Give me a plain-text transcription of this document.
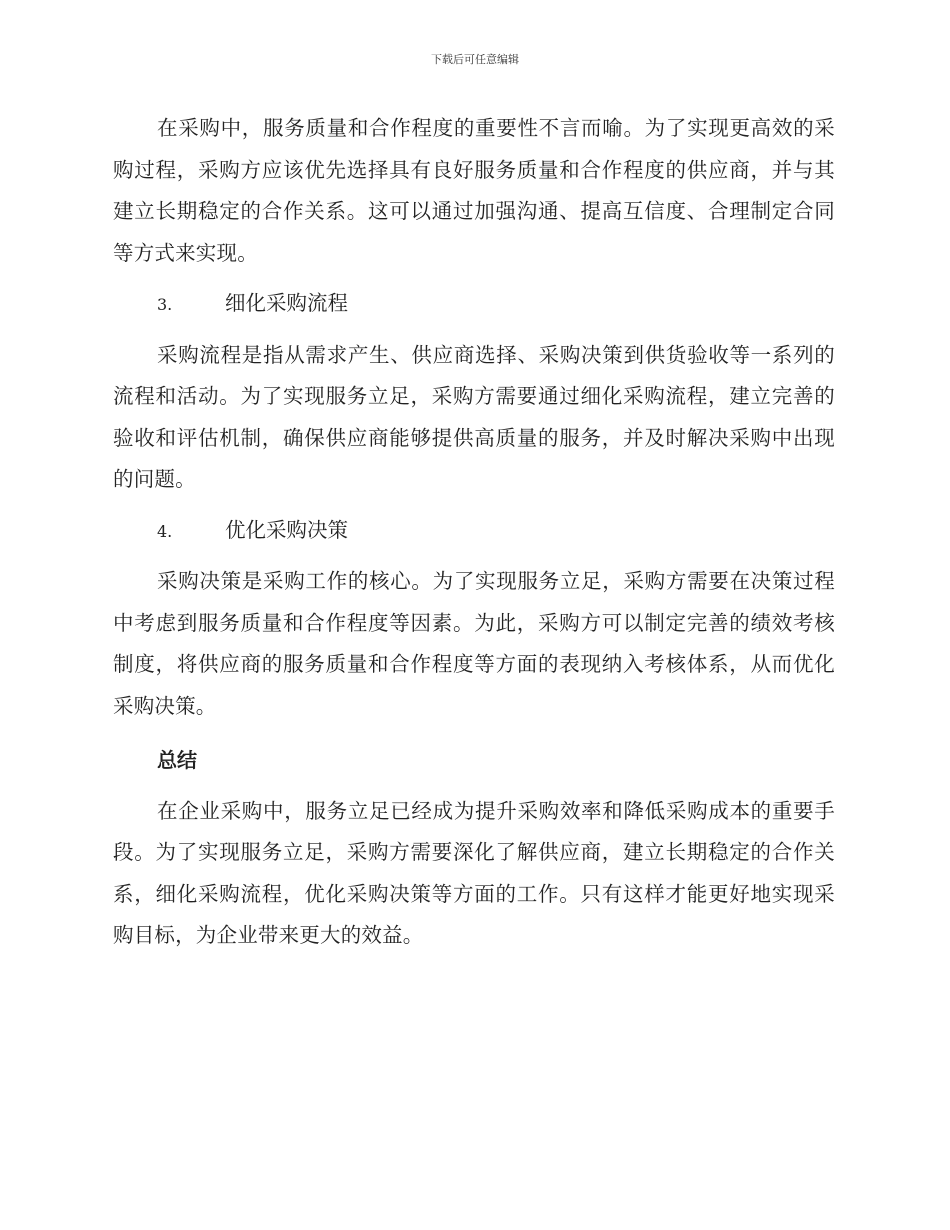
下载后可任意编辑

在采购中，服务质量和合作程度的重要性不言而喻。为了实现更高效的采购过程，采购方应该优先选择具有良好服务质量和合作程度的供应商，并与其建立长期稳定的合作关系。这可以通过加强沟通、提高互信度、合理制定合同等方式来实现。

3.	细化采购流程

采购流程是指从需求产生、供应商选择、采购决策到供货验收等一系列的流程和活动。为了实现服务立足，采购方需要通过细化采购流程，建立完善的验收和评估机制，确保供应商能够提供高质量的服务，并及时解决采购中出现的问题。

4.	优化采购决策

采购决策是采购工作的核心。为了实现服务立足，采购方需要在决策过程中考虑到服务质量和合作程度等因素。为此，采购方可以制定完善的绩效考核制度，将供应商的服务质量和合作程度等方面的表现纳入考核体系，从而优化采购决策。

总结

在企业采购中，服务立足已经成为提升采购效率和降低采购成本的重要手段。为了实现服务立足，采购方需要深化了解供应商，建立长期稳定的合作关系，细化采购流程，优化采购决策等方面的工作。只有这样才能更好地实现采购目标，为企业带来更大的效益。
